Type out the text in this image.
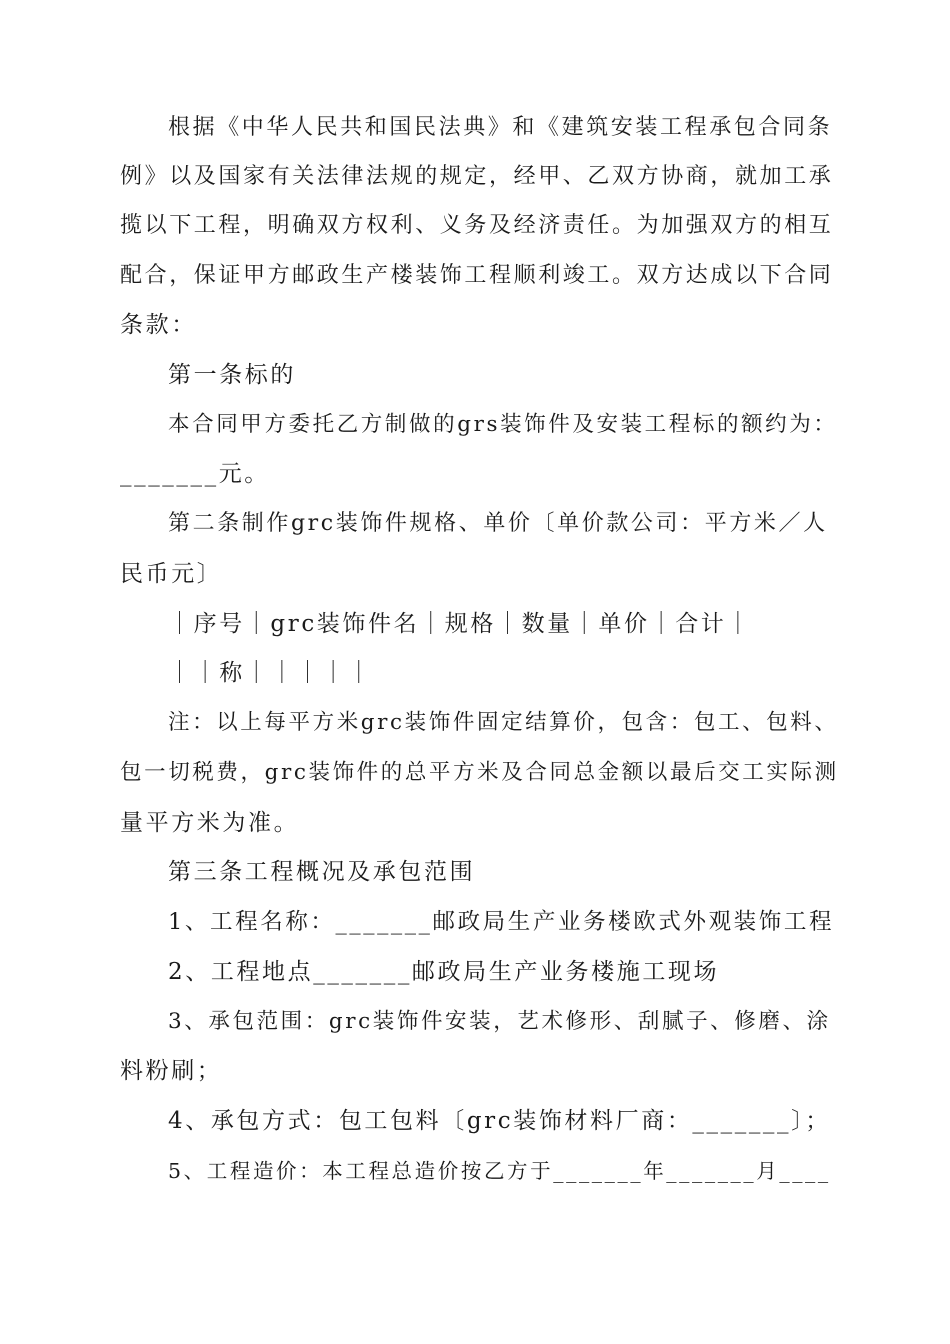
根据《中华人民共和国民法典》和《建筑安装工程承包合同条

例》以及国家有关法律法规的规定，经甲、乙双方协商，就加工承

揽以下工程，明确双方权利、义务及经济责任。为加强双方的相互

配合，保证甲方邮政生产楼装饰工程顺利竣工。双方达成以下合同

条款：

第一条标的

本合同甲方委托乙方制做的grs装饰件及安装工程标的额约为：

_______元。

第二条制作grc装饰件规格、单价〔单价款公司：平方米／人

民币元〕

｜序号｜grc装饰件名｜规格｜数量｜单价｜合计｜

｜｜称｜｜｜｜｜

注：以上每平方米grc装饰件固定结算价，包含：包工、包料、

包一切税费，grc装饰件的总平方米及合同总金额以最后交工实际测

量平方米为准。

第三条工程概况及承包范围

1、工程名称：_______邮政局生产业务楼欧式外观装饰工程

2、工程地点_______邮政局生产业务楼施工现场

3、承包范围：grc装饰件安装，艺术修形、刮腻子、修磨、涂

料粉刷；

4、承包方式：包工包料〔grc装饰材料厂商：_______〕；

5、工程造价：本工程总造价按乙方于_______年_______月____
